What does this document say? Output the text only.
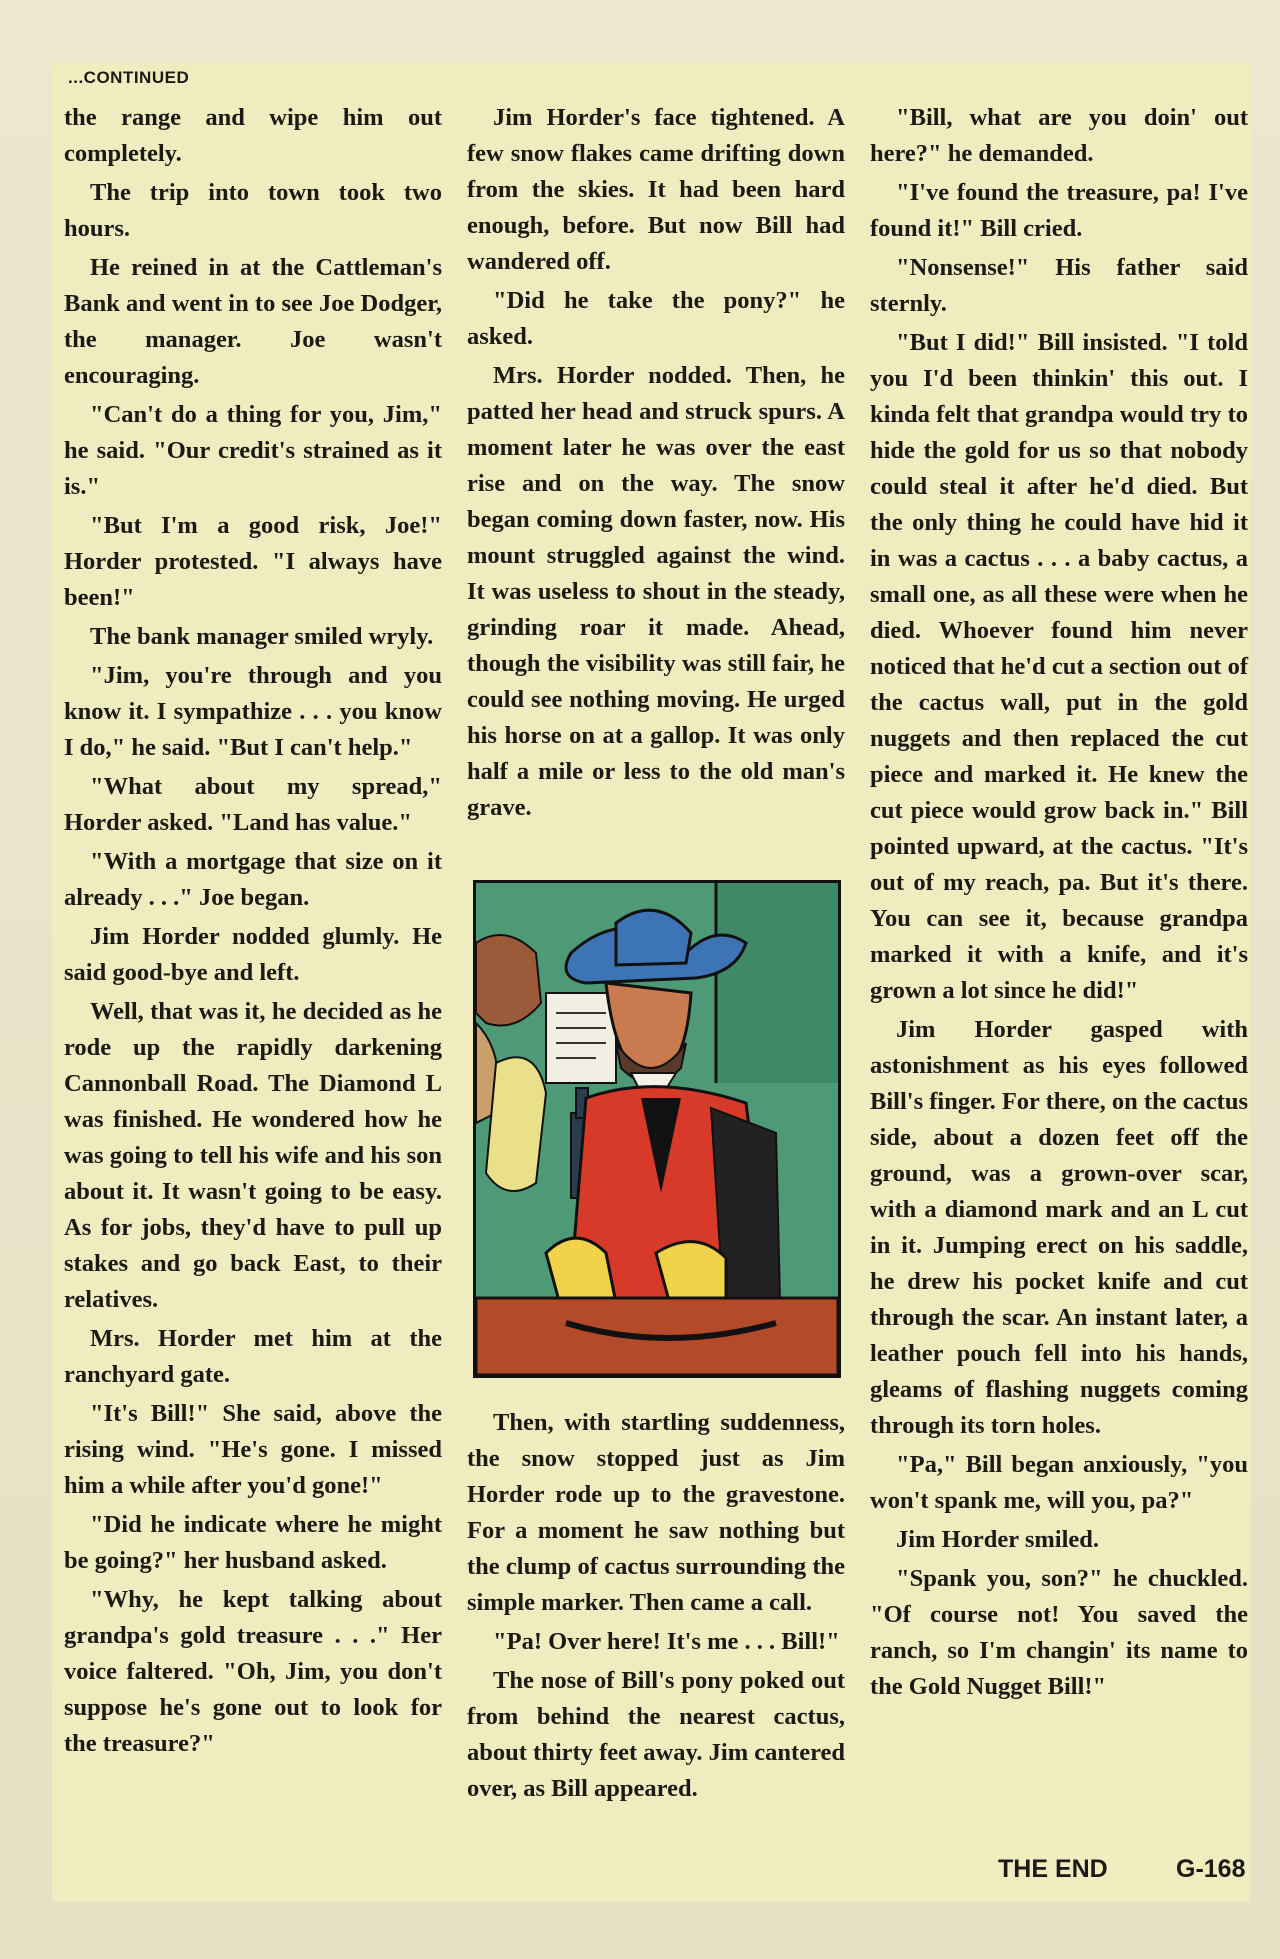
...CONTINUED

the range and wipe him out completely.

The trip into town took two hours.

He reined in at the Cattleman's Bank and went in to see Joe Dodger, the manager. Joe wasn't encouraging.

"Can't do a thing for you, Jim," he said. "Our credit's strained as it is."

"But I'm a good risk, Joe!" Horder protested. "I always have been!"

The bank manager smiled wryly.

"Jim, you're through and you know it. I sympathize . . . you know I do," he said. "But I can't help."

"What about my spread," Horder asked. "Land has value."

"With a mortgage that size on it already . . ." Joe began.

Jim Horder nodded glumly. He said good-bye and left.

Well, that was it, he decided as he rode up the rapidly darkening Cannonball Road. The Diamond L was finished. He wondered how he was going to tell his wife and his son about it. It wasn't going to be easy. As for jobs, they'd have to pull up stakes and go back East, to their relatives.

Mrs. Horder met him at the ranchyard gate.

"It's Bill!" She said, above the rising wind. "He's gone. I missed him a while after you'd gone!"

"Did he indicate where he might be going?" her husband asked.

"Why, he kept talking about grandpa's gold treasure . . ." Her voice faltered. "Oh, Jim, you don't suppose he's gone out to look for the treasure?"

Jim Horder's face tightened. A few snow flakes came drifting down from the skies. It had been hard enough, before. But now Bill had wandered off.

"Did he take the pony?" he asked.

Mrs. Horder nodded. Then, he patted her head and struck spurs. A moment later he was over the east rise and on the way. The snow began coming down faster, now. His mount struggled against the wind. It was useless to shout in the steady, grinding roar it made. Ahead, though the visibility was still fair, he could see nothing moving. He urged his horse on at a gallop. It was only half a mile or less to the old man's grave.

Then, with startling suddenness, the snow stopped just as Jim Horder rode up to the gravestone. For a moment he saw nothing but the clump of cactus surrounding the simple marker. Then came a call.

"Pa! Over here! It's me . . . Bill!"

The nose of Bill's pony poked out from behind the nearest cactus, about thirty feet away. Jim cantered over, as Bill appeared.

"Bill, what are you doin' out here?" he demanded.

"I've found the treasure, pa! I've found it!" Bill cried.

"Nonsense!" His father said sternly.

"But I did!" Bill insisted. "I told you I'd been thinkin' this out. I kinda felt that grandpa would try to hide the gold for us so that nobody could steal it after he'd died. But the only thing he could have hid it in was a cactus . . . a baby cactus, a small one, as all these were when he died. Whoever found him never noticed that he'd cut a section out of the cactus wall, put in the gold nuggets and then replaced the cut piece and marked it. He knew the cut piece would grow back in." Bill pointed upward, at the cactus. "It's out of my reach, pa. But it's there. You can see it, because grandpa marked it with a knife, and it's grown a lot since he did!"

Jim Horder gasped with astonishment as his eyes followed Bill's finger. For there, on the cactus side, about a dozen feet off the ground, was a grown-over scar, with a diamond mark and an L cut in it. Jumping erect on his saddle, he drew his pocket knife and cut through the scar. An instant later, a leather pouch fell into his hands, gleams of flashing nuggets coming through its torn holes.

"Pa," Bill began anxiously, "you won't spank me, will you, pa?"

Jim Horder smiled.

"Spank you, son?" he chuckled. "Of course not! You saved the ranch, so I'm changin' its name to the Gold Nugget Bill!"

THE END	G-168
